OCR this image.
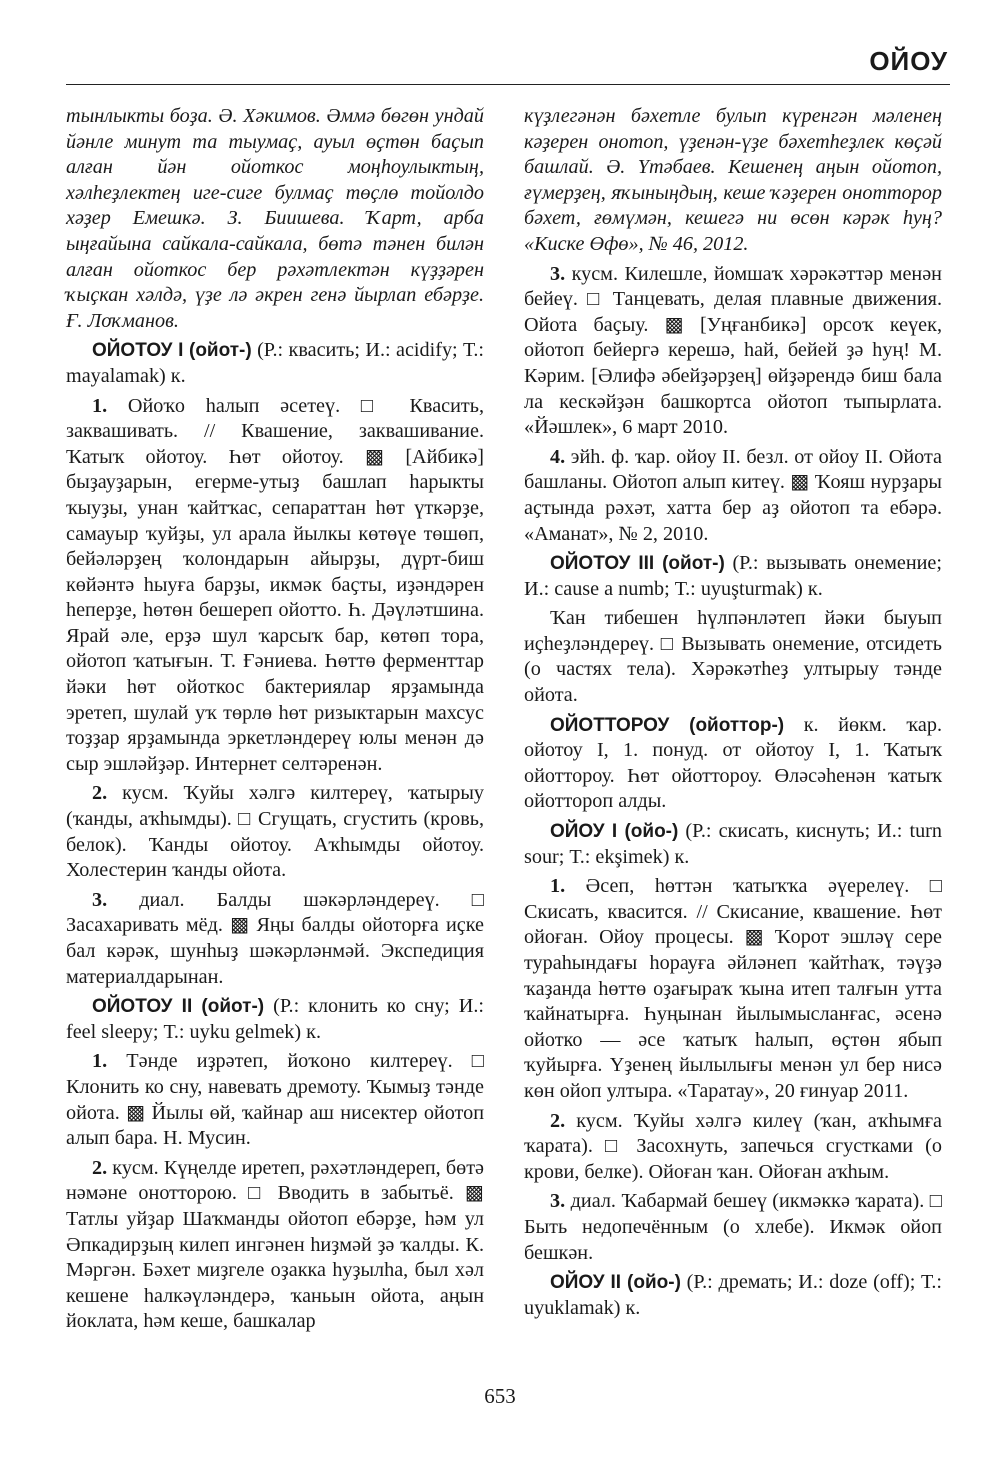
ОЙОУ

тынлыкты боҙа. Ә. Хәкимов. Әммә бөгөн ундай йәнле минут та тыумаҫ, ауыл өҫтөн баҫып алған йән ойоткос моңһоулыктың, хәлһеҙлектең иге-сиге булмаҫ төҫлө тойолдо хәҙер Емешкә. З. Биишева. Ҡарт, арба ыңғайына сайкала-сайкала, бөтә тәнен билән алған ойоткос бер рәхәтлектән күҙҙәрен ҡыҫкан хәлдә, үҙе лә әкрен генә йырлап ебәрҙе. Ғ. Лоҡманов.

ОЙОТОУ I (ойот-) (Р.: квасить; И.: acidify; Т.: mayalamak) к.

1. Ойоҡо һалып әсетеү. □ Квасить, заквашивать. // Квашение, заквашивание. Ҡатыҡ ойотоу. Һөт ойотоу. ▩ [Айбикә] быҙауҙарын, егерме-утыҙ башлап һарыкты ҡыуҙы, унан ҡайтҡас, сепараттан һөт үткәрҙе, самауыр ҡуйҙы, ул арала йылкы көтөүе төшөп, бейәләрҙең ҡолондарын айырҙы, дүрт-биш көйәнтә һыуға барҙы, икмәк баҫты, иҙәндәрен һеперҙе, һөтөн бешереп ойотто. Һ. Дәүләтшина. Ярай әле, ерҙә шул ҡарсыҡ бар, көтөп тора, ойотоп ҡатығын. Т. Ғәниева. Һөттө ферменттар йәки һөт ойоткос бактериялар ярҙамында эретеп, шулай уҡ төрлө һөт ризыктарын махсус тоҙҙар ярҙамында эркетләндереү юлы менән дә сыр эшләйҙәр. Интернет селтәренән.

2. кусм. Ҡуйы хәлгә килтереү, ҡатырыу (ҡанды, аҡһымды). □ Сгущать, сгустить (кровь, белок). Ҡанды ойотоу. Аҡһымды ойотоу. Холестерин ҡанды ойота.

3. диал. Балды шәкәрләндереү. □ Засахаривать мёд. ▩ Яңы балды ойоторға иҫке бал кәрәк, шунһыҙ шәкәрләнмәй. Экспедиция материалдарынан.

ОЙОТОУ II (ойот-) (Р.: клонить ко сну; И.: feel sleepy; Т.: uyku gelmek) к.

1. Тәнде иҙрәтеп, йоҡоно килтереү. □ Клонить ко сну, навевать дремоту. Ҡымыҙ тәнде ойота. ▩ Йылы өй, ҡайнар аш нисектер ойотоп алып бара. Н. Мусин.

2. кусм. Күңелде иретеп, рәхәтләндереп, бөтә нәмәне онотторою. □ Вводить в забытьё. ▩ Татлы уйҙар Шаҡманды ойотоп ебәрҙе, һәм ул Әпкадирҙың килеп ингәнен һиҙмәй ҙә ҡалды. К. Мәргән. Бәхет миҙгеле оҙакка һуҙылһа, был хәл кешене һалкәүләндерә, ҡаньын ойота, аңын йоклата, һәм кеше, башкалар

күҙлегәнән бәхетле булып күренгән мәленең кәҙерен онотоп, үҙенән-үҙе бәхетһеҙлек көҫәй башлай. Ә. Үтәбаев. Кешенең аңын ойотоп, ғүмерҙең, яҡыныңдың, кеше ҡәҙерен онотторор бәхет, ғөмүмән, кешегә ни өсөн кәрәк һуң? «Киске Өфө», № 46, 2012.

3. кусм. Килешле, йомшаҡ хәрәкәттәр менән бейеү. □ Танцевать, делая плавные движения. Ойота баҫыу. ▩ [Уңғанбикә] орсоҡ кеүек, ойотоп бейергә керешә, һай, бейей ҙә һуң! М. Кәрим. [Әлифә әбейҙәрҙең] өйҙәрендә биш бала ла кескәйҙән башкортса ойотоп тыпырлата. «Йәшлек», 6 март 2010.

4. эйһ. ф. ҡар. ойоу II. безл. от ойоу II. Ойота башланы. Ойотоп алып китеү. ▩ Ҡояш нурҙары аҫтында рәхәт, хатта бер аҙ ойотоп та ебәрә. «Аманат», № 2, 2010.

ОЙОТОУ III (ойот-) (Р.: вызывать онемение; И.: cause a numb; Т.: uyuşturmak) к.

Ҡан тибешен һүлпәнләтеп йәки быуып иҫһеҙләндереү. □ Вызывать онемение, отсидеть (о частях тела). Хәрәкәтһеҙ ултырыу тәнде ойота.

ОЙОТТОРОУ (ойоттор-) к. йөкм. ҡар. ойотоу I, 1. понуд. от ойотоу I, 1. Ҡатыҡ ойоттороу. Һөт ойоттороу. Өләсәһенән ҡатыҡ ойоттороп алды.

ОЙОУ I (ойо-) (Р.: скисать, киснуть; И.: turn sour; Т.: ekşimek) к.

1. Әсеп, һөттән ҡатыҡҡа әүерелеү. □ Скисать, квасится. // Скисание, квашение. Һөт ойоған. Ойоу процесы. ▩ Ҡорот эшләү сере тураһындағы һорауға әйләнеп ҡайтһаҡ, тәүҙә ҡаҙанда һөттө оҙағыраҡ ҡына итеп талғын утта ҡайнатырға. Һуңынан йылымысланғас, әсенә ойотко — әсе ҡатыҡ һалып, өҫтөн ябып ҡуйырға. Үҙенең йылылығы менән ул бер нисә көн ойоп ултыра. «Таратау», 20 ғинуар 2011.

2. кусм. Ҡуйы хәлгә килеү (ҡан, аҡһымға ҡарата). □ Засохнуть, запечься сгустками (о крови, белке). Ойоған ҡан. Ойоған аҡһым.

3. диал. Ҡабармай бешеү (икмәккә ҡарата). □ Быть недопечённым (о хлебе). Икмәк ойоп бешкән.

ОЙОУ II (ойо-) (Р.: дремать; И.: doze (off); Т.: uyuklamak) к.

653
